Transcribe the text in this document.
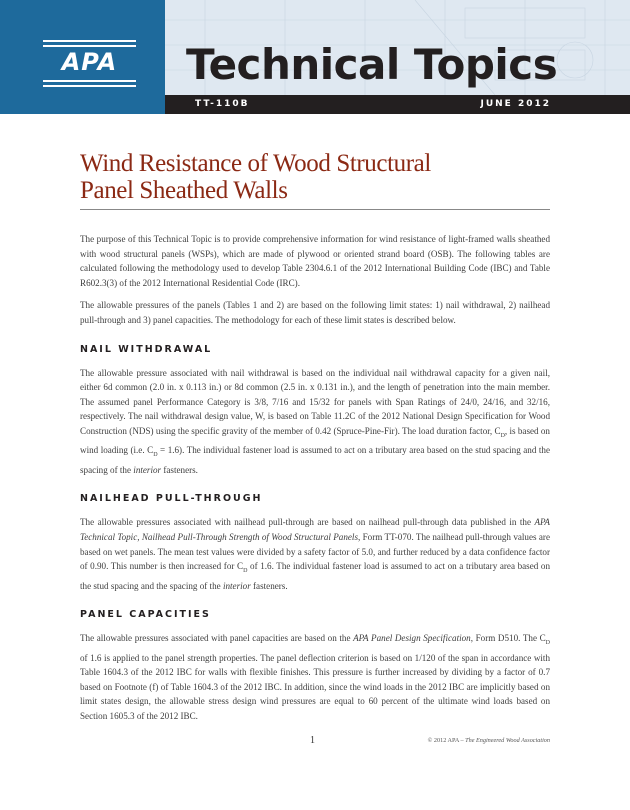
APA	Technical Topics
TT-110B	JUNE 2012
Wind Resistance of Wood Structural
Panel Sheathed Walls

The purpose of this Technical Topic is to provide comprehensive information for wind resistance of light-framed walls sheathed with wood structural panels (WSPs), which are made of plywood or oriented strand board (OSB). The following tables are calculated following the methodology used to develop Table 2304.6.1 of the 2012 International Building Code (IBC) and Table R602.3(3) of the 2012 International Residential Code (IRC).

The allowable pressures of the panels (Tables 1 and 2) are based on the following limit states: 1) nail withdrawal, 2) nailhead pull-through and 3) panel capacities. The methodology for each of these limit states is described below.

NAIL WITHDRAWAL

The allowable pressure associated with nail withdrawal is based on the individual nail withdrawal capacity for a given nail, either 6d common (2.0 in. x 0.113 in.) or 8d common (2.5 in. x 0.131 in.), and the length of penetration into the main member. The assumed panel Performance Category is 3/8, 7/16 and 15/32 for panels with Span Ratings of 24/0, 24/16, and 32/16, respectively. The nail withdrawal design value, W, is based on Table 11.2C of the 2012 National Design Specification for Wood Construction (NDS) using the specific gravity of the member of 0.42 (Spruce-Pine-Fir). The load duration factor, $C_D$, is based on wind loading (i.e. $C_D = 1.6$). The individual fastener load is assumed to act on a tributary area based on the stud spacing and the spacing of the interior fasteners.

NAILHEAD PULL-THROUGH

The allowable pressures associated with nailhead pull-through are based on nailhead pull-through data published in the APA Technical Topic, Nailhead Pull-Through Strength of Wood Structural Panels, Form TT-070. The nailhead pull-through values are based on wet panels. The mean test values were divided by a safety factor of 5.0, and further reduced by a data confidence factor of 0.90. This number is then increased for $C_D$ of 1.6. The individual fastener load is assumed to act on a tributary area based on the stud spacing and the spacing of the interior fasteners.

PANEL CAPACITIES

The allowable pressures associated with panel capacities are based on the APA Panel Design Specification, Form D510. The $C_D$ of 1.6 is applied to the panel strength properties. The panel deflection criterion is based on 1/120 of the span in accordance with Table 1604.3 of the 2012 IBC for walls with flexible finishes. This pressure is further increased by dividing by a factor of 0.7 based on Footnote (f) of Table 1604.3 of the 2012 IBC. In addition, since the wind loads in the 2012 IBC are implicitly based on limit states design, the allowable stress design wind pressures are equal to 60 percent of the ultimate wind loads based on Section 1605.3 of the 2012 IBC.

1	© 2012 APA – The Engineered Wood Association
